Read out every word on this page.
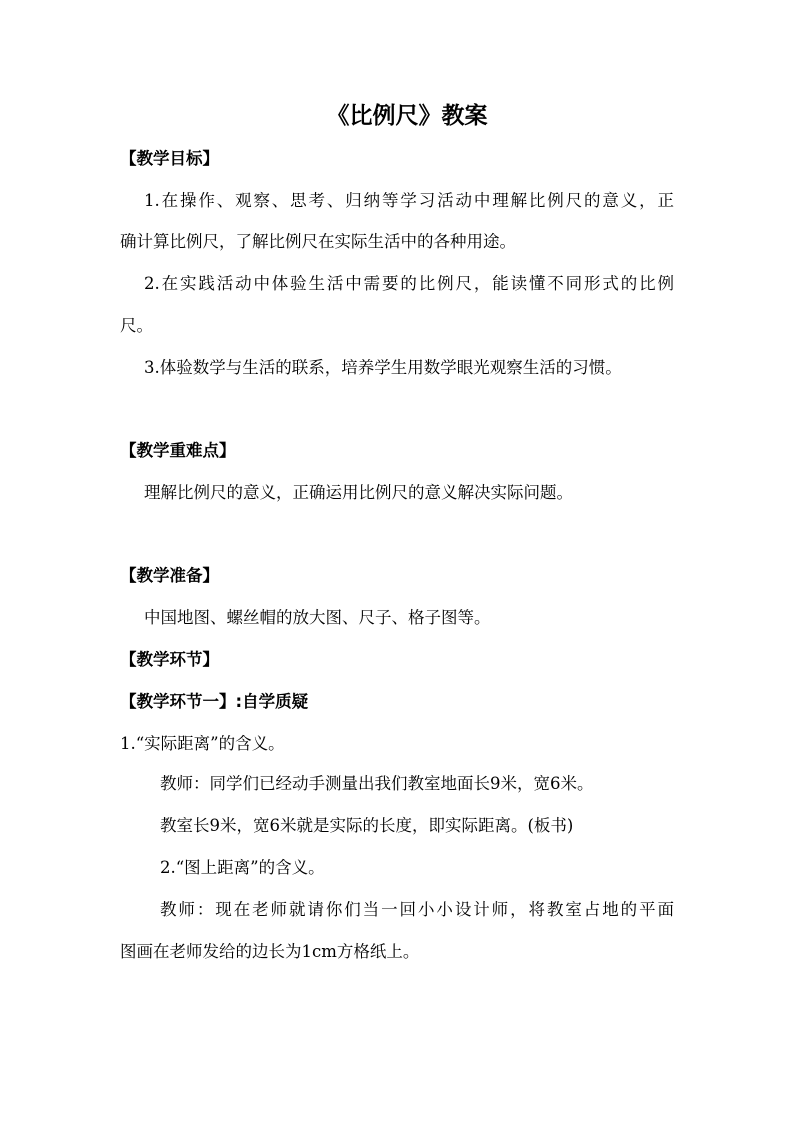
《比例尺》教案
【教学目标】
1.在操作、观察、思考、归纳等学习活动中理解比例尺的意义，正
确计算比例尺，了解比例尺在实际生活中的各种用途。
2.在实践活动中体验生活中需要的比例尺，能读懂不同形式的比例
尺。
3.体验数学与生活的联系，培养学生用数学眼光观察生活的习惯。
【教学重难点】
理解比例尺的意义，正确运用比例尺的意义解决实际问题。
【教学准备】
中国地图、螺丝帽的放大图、尺子、格子图等。
【教学环节】
【教学环节一】:自学质疑
1.“实际距离”的含义。
教师：同学们已经动手测量出我们教室地面长9米，宽6米。
教室长9米，宽6米就是实际的长度，即实际距离。(板书)
2.“图上距离”的含义。
教师：现在老师就请你们当一回小小设计师，将教室占地的平面
图画在老师发给的边长为1cm方格纸上。
